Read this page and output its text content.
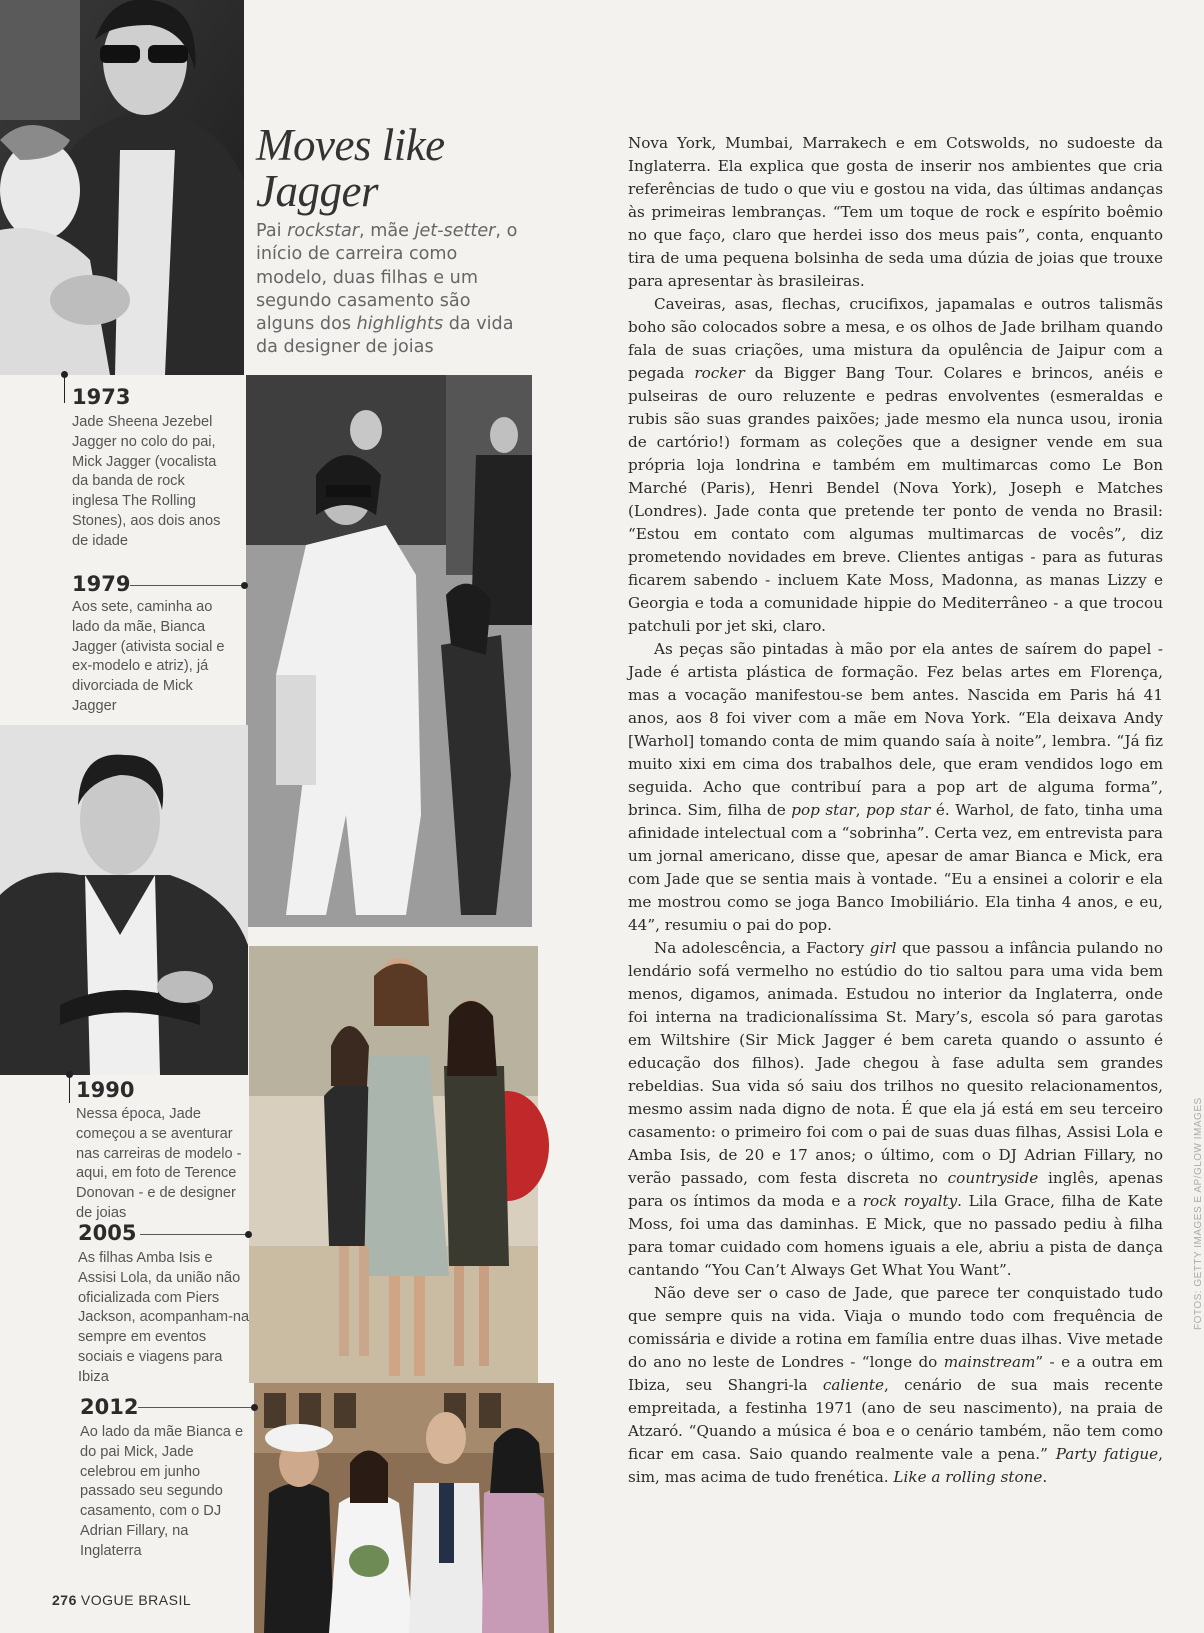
Moves like Jagger

Pai rockstar, mãe jet-setter, o início de carreira como modelo, duas filhas e um segundo casamento são alguns dos highlights da vida da designer de joias

1973

Jade Sheena Jezebel Jagger no colo do pai, Mick Jagger (vocalista da banda de rock inglesa The Rolling Stones), aos dois anos de idade

1979

Aos sete, caminha ao lado da mãe, Bianca Jagger (ativista social e ex-modelo e atriz), já divorciada de Mick Jagger

1990

Nessa época, Jade começou a se aventurar nas carreiras de modelo - aqui, em foto de Terence Donovan - e de designer de joias

2005

As filhas Amba Isis e Assisi Lola, da união não oficializada com Piers Jackson, acompanham-na sempre em eventos sociais e viagens para Ibiza

2012

Ao lado da mãe Bianca e do pai Mick, Jade celebrou em junho passado seu segundo casamento, com o DJ Adrian Fillary, na Inglaterra

Nova York, Mumbai, Marrakech e em Cotswolds, no sudoeste da Inglaterra. Ela explica que gosta de inserir nos ambientes que cria referências de tudo o que viu e gostou na vida, das últimas andanças às primeiras lembranças. “Tem um toque de rock e espírito boêmio no que faço, claro que herdei isso dos meus pais”, conta, enquanto tira de uma pequena bolsinha de seda uma dúzia de joias que trouxe para apresentar às brasileiras.

Caveiras, asas, flechas, crucifixos, japamalas e outros talismãs boho são colocados sobre a mesa, e os olhos de Jade brilham quando fala de suas criações, uma mistura da opulência de Jaipur com a pegada rocker da Bigger Bang Tour. Colares e brincos, anéis e pulseiras de ouro reluzente e pedras envolventes (esmeraldas e rubis são suas grandes paixões; jade mesmo ela nunca usou, ironia de cartório!) formam as coleções que a designer vende em sua própria loja londrina e também em multimarcas como Le Bon Marché (Paris), Henri Bendel (Nova York), Joseph e Matches (Londres). Jade conta que pretende ter ponto de venda no Brasil: “Estou em contato com algumas multimarcas de vocês”, diz prometendo novidades em breve. Clientes antigas - para as futuras ficarem sabendo - incluem Kate Moss, Madonna, as manas Lizzy e Georgia e toda a comunidade hippie do Mediterrâneo - a que trocou patchuli por jet ski, claro.

As peças são pintadas à mão por ela antes de saírem do papel - Jade é artista plástica de formação. Fez belas artes em Florença, mas a vocação manifestou-se bem antes. Nascida em Paris há 41 anos, aos 8 foi viver com a mãe em Nova York. “Ela deixava Andy [Warhol] tomando conta de mim quando saía à noite”, lembra. “Já fiz muito xixi em cima dos trabalhos dele, que eram vendidos logo em seguida. Acho que contribuí para a pop art de alguma forma”, brinca. Sim, filha de pop star, pop star é. Warhol, de fato, tinha uma afinidade intelectual com a “sobrinha”. Certa vez, em entrevista para um jornal americano, disse que, apesar de amar Bianca e Mick, era com Jade que se sentia mais à vontade. “Eu a ensinei a colorir e ela me mostrou como se joga Banco Imobiliário. Ela tinha 4 anos, e eu, 44”, resumiu o pai do pop.

Na adolescência, a Factory girl que passou a infância pulando no lendário sofá vermelho no estúdio do tio saltou para uma vida bem menos, digamos, animada. Estudou no interior da Inglaterra, onde foi interna na tradicionalíssima St. Mary’s, escola só para garotas em Wiltshire (Sir Mick Jagger é bem careta quando o assunto é educação dos filhos). Jade chegou à fase adulta sem grandes rebeldias. Sua vida só saiu dos trilhos no quesito relacionamentos, mesmo assim nada digno de nota. É que ela já está em seu terceiro casamento: o primeiro foi com o pai de suas duas filhas, Assisi Lola e Amba Isis, de 20 e 17 anos; o último, com o DJ Adrian Fillary, no verão passado, com festa discreta no countryside inglês, apenas para os íntimos da moda e a rock royalty. Lila Grace, filha de Kate Moss, foi uma das daminhas. E Mick, que no passado pediu à filha para tomar cuidado com homens iguais a ele, abriu a pista de dança cantando “You Can’t Always Get What You Want”.

Não deve ser o caso de Jade, que parece ter conquistado tudo que sempre quis na vida. Viaja o mundo todo com frequência de comissária e divide a rotina em família entre duas ilhas. Vive metade do ano no leste de Londres - “longe do mainstream” - e a outra em Ibiza, seu Shangri-la caliente, cenário de sua mais recente empreitada, a festinha 1971 (ano de seu nascimento), na praia de Atzaró. “Quando a música é boa e o cenário também, não tem como ficar em casa. Saio quando realmente vale a pena.” Party fatigue, sim, mas acima de tudo frenética. Like a rolling stone.

FOTOS: GETTY IMAGES E AP/GLOW IMAGES
276 VOGUE BRASIL
